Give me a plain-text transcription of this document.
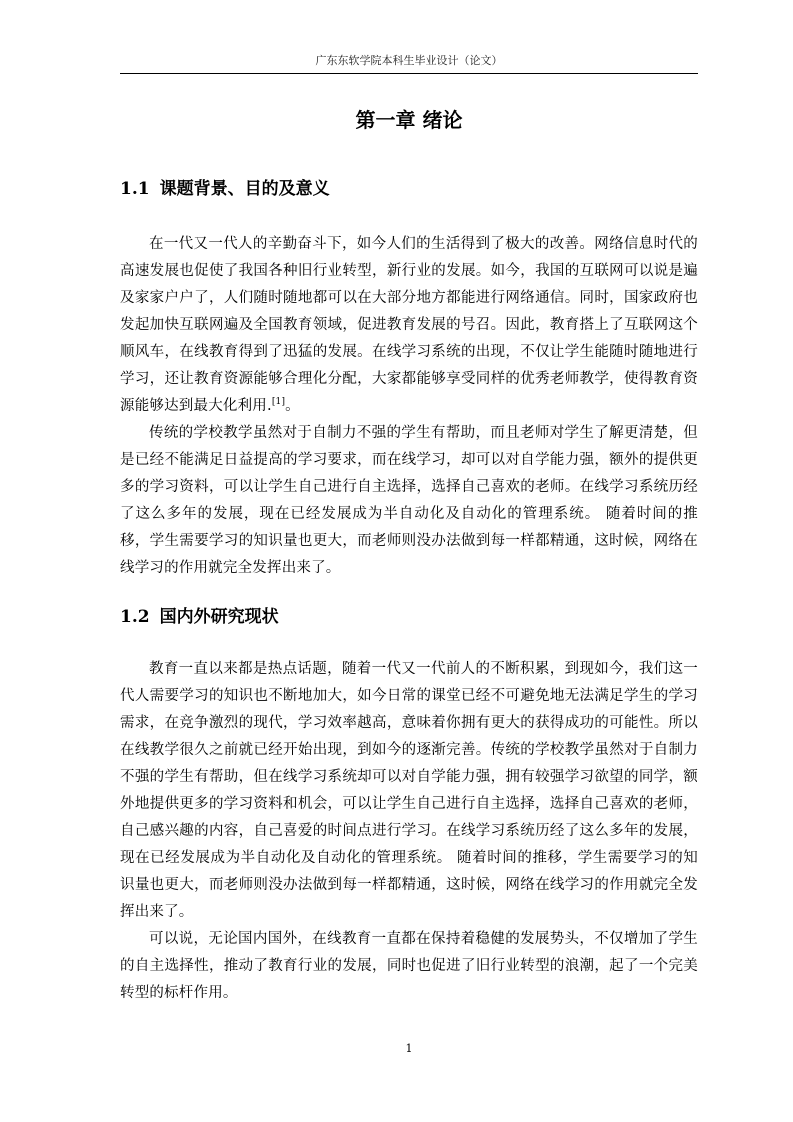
广东东软学院本科生毕业设计（论文）
第一章 绪论
1.1 课题背景、目的及意义

在一代又一代人的辛勤奋斗下，如今人们的生活得到了极大的改善。网络信息时代的高速发展也促使了我国各种旧行业转型，新行业的发展。如今，我国的互联网可以说是遍及家家户户了，人们随时随地都可以在大部分地方都能进行网络通信。同时，国家政府也发起加快互联网遍及全国教育领域，促进教育发展的号召。因此，教育搭上了互联网这个顺风车，在线教育得到了迅猛的发展。在线学习系统的出现，不仅让学生能随时随地进行学习，还让教育资源能够合理化分配，大家都能够享受同样的优秀老师教学，使得教育资源能够达到最大化利用.[1]。

传统的学校教学虽然对于自制力不强的学生有帮助，而且老师对学生了解更清楚，但是已经不能满足日益提高的学习要求，而在线学习，却可以对自学能力强，额外的提供更多的学习资料，可以让学生自己进行自主选择，选择自己喜欢的老师。在线学习系统历经了这么多年的发展，现在已经发展成为半自动化及自动化的管理系统。 随着时间的推移，学生需要学习的知识量也更大，而老师则没办法做到每一样都精通，这时候，网络在线学习的作用就完全发挥出来了。

1.2 国内外研究现状

教育一直以来都是热点话题，随着一代又一代前人的不断积累，到现如今，我们这一代人需要学习的知识也不断地加大，如今日常的课堂已经不可避免地无法满足学生的学习需求，在竞争激烈的现代，学习效率越高，意味着你拥有更大的获得成功的可能性。所以在线教学很久之前就已经开始出现，到如今的逐渐完善。传统的学校教学虽然对于自制力不强的学生有帮助，但在线学习系统却可以对自学能力强，拥有较强学习欲望的同学，额外地提供更多的学习资料和机会，可以让学生自己进行自主选择，选择自己喜欢的老师，自己感兴趣的内容，自己喜爱的时间点进行学习。在线学习系统历经了这么多年的发展，现在已经发展成为半自动化及自动化的管理系统。 随着时间的推移，学生需要学习的知识量也更大，而老师则没办法做到每一样都精通，这时候，网络在线学习的作用就完全发挥出来了。

可以说，无论国内国外，在线教育一直都在保持着稳健的发展势头，不仅增加了学生的自主选择性，推动了教育行业的发展，同时也促进了旧行业转型的浪潮，起了一个完美转型的标杆作用。

1
